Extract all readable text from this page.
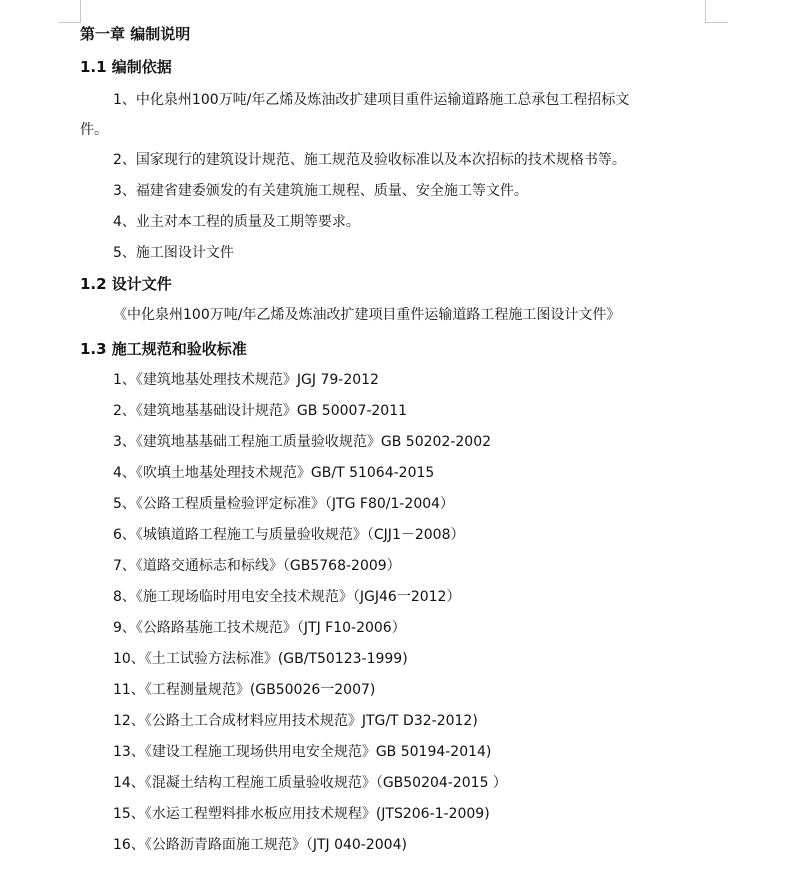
第一章 编制说明
1.1 编制依据
1、中化泉州100万吨/年乙烯及炼油改扩建项目重件运输道路施工总承包工程招标文
件。
2、国家现行的建筑设计规范、施工规范及验收标准以及本次招标的技术规格书等。
3、福建省建委颁发的有关建筑施工规程、质量、安全施工等文件。
4、业主对本工程的质量及工期等要求。
5、施工图设计文件
1.2 设计文件
《中化泉州100万吨/年乙烯及炼油改扩建项目重件运输道路工程施工图设计文件》
1.3 施工规范和验收标准
1、《建筑地基处理技术规范》JGJ 79-2012
2、《建筑地基基础设计规范》GB 50007-2011
3、《建筑地基基础工程施工质量验收规范》GB 50202-2002
4、《吹填土地基处理技术规范》GB/T 51064-2015
5、《公路工程质量检验评定标准》（JTG F80/1-2004）
6、《城镇道路工程施工与质量验收规范》（CJJ1－2008）
7、《道路交通标志和标线》（GB5768-2009）
8、《施工现场临时用电安全技术规范》（JGJ46一2012）
9、《公路路基施工技术规范》（JTJ F10-2006）
10、《土工试验方法标准》(GB/T50123-1999)
11、《工程测量规范》(GB50026一2007)
12、《公路土工合成材料应用技术规范》JTG/T D32-2012)
13、《建设工程施工现场供用电安全规范》GB 50194-2014)
14、《混凝土结构工程施工质量验收规范》（GB50204-2015 ）
15、《水运工程塑料排水板应用技术规程》(JTS206-1-2009)
16、《公路沥青路面施工规范》（JTJ 040-2004)
